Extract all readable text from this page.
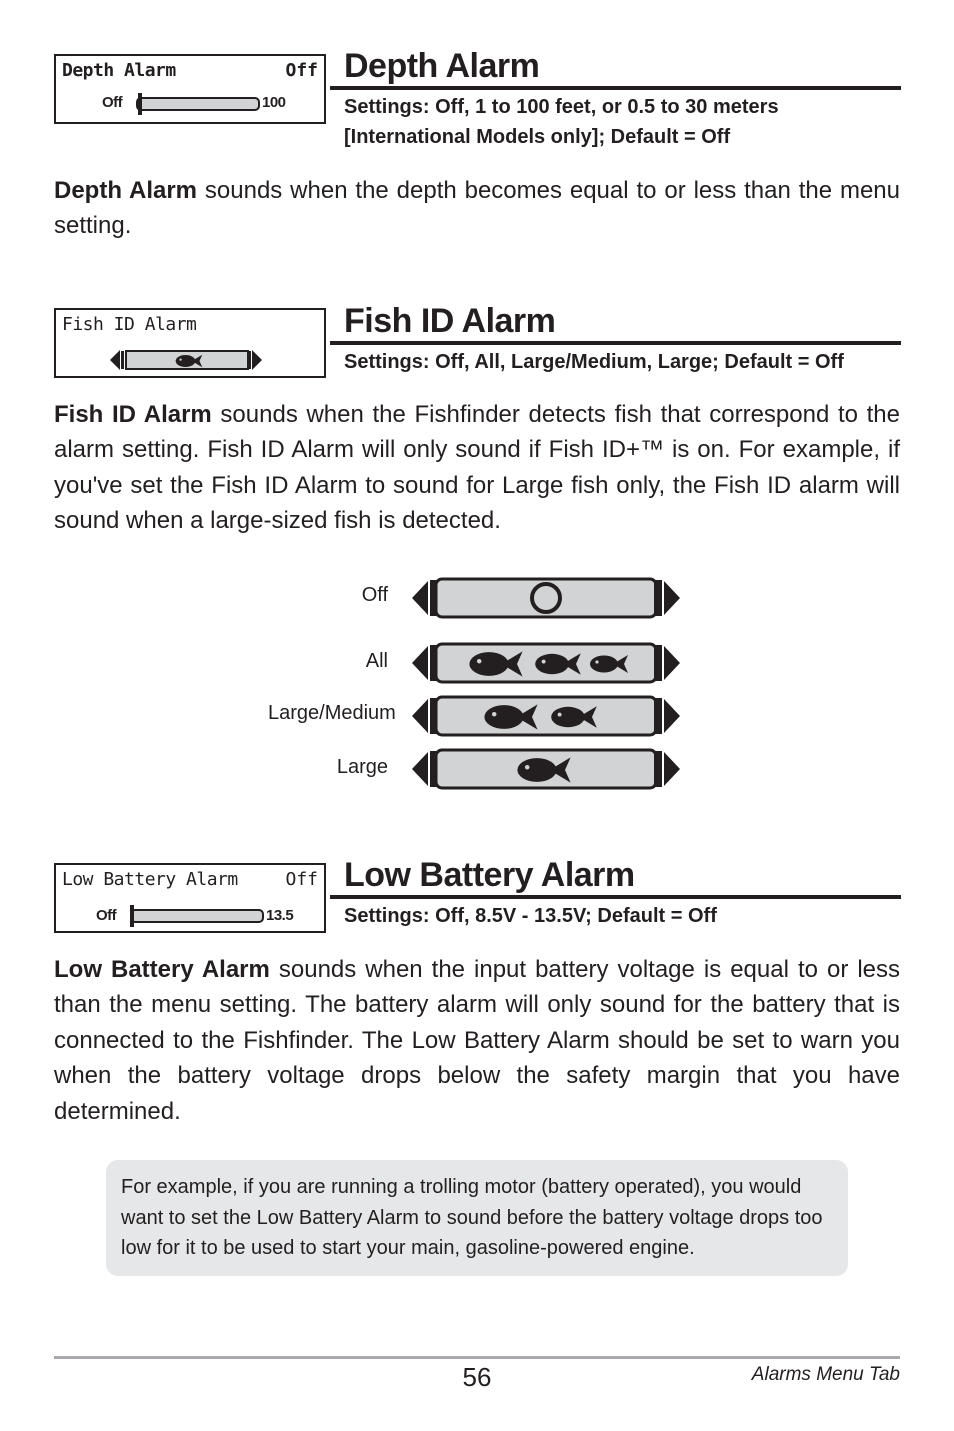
Depth Alarm	Off
Off	100
Depth Alarm
Settings: Off, 1 to 100 feet, or 0.5 to 30 meters
[International Models only]; Default = Off
Depth Alarm sounds when the depth becomes equal to or less than the menu setting.
Fish ID Alarm	Fish ID Alarm
Settings: Off, All, Large/Medium, Large; Default = Off
Fish ID Alarm sounds when the Fishfinder detects fish that correspond to the alarm setting. Fish ID Alarm will only sound if Fish ID+™ is on. For example, if you've set the Fish ID Alarm to sound for Large fish only, the Fish ID alarm will sound when a large-sized fish is detected.
Off
All
Large/Medium
Large
Low Battery Alarm	Off
Off	13.5
Low Battery Alarm
Settings: Off, 8.5V - 13.5V; Default = Off
Low Battery Alarm sounds when the input battery voltage is equal to or less than the menu setting. The battery alarm will only sound for the battery that is connected to the Fishfinder. The Low Battery Alarm should be set to warn you when the battery voltage drops below the safety margin that you have determined.
For example, if you are running a trolling motor (battery operated), you would want to set the Low Battery Alarm to sound before the battery voltage drops too low for it to be used to start your main, gasoline-powered engine.
56	Alarms Menu Tab
